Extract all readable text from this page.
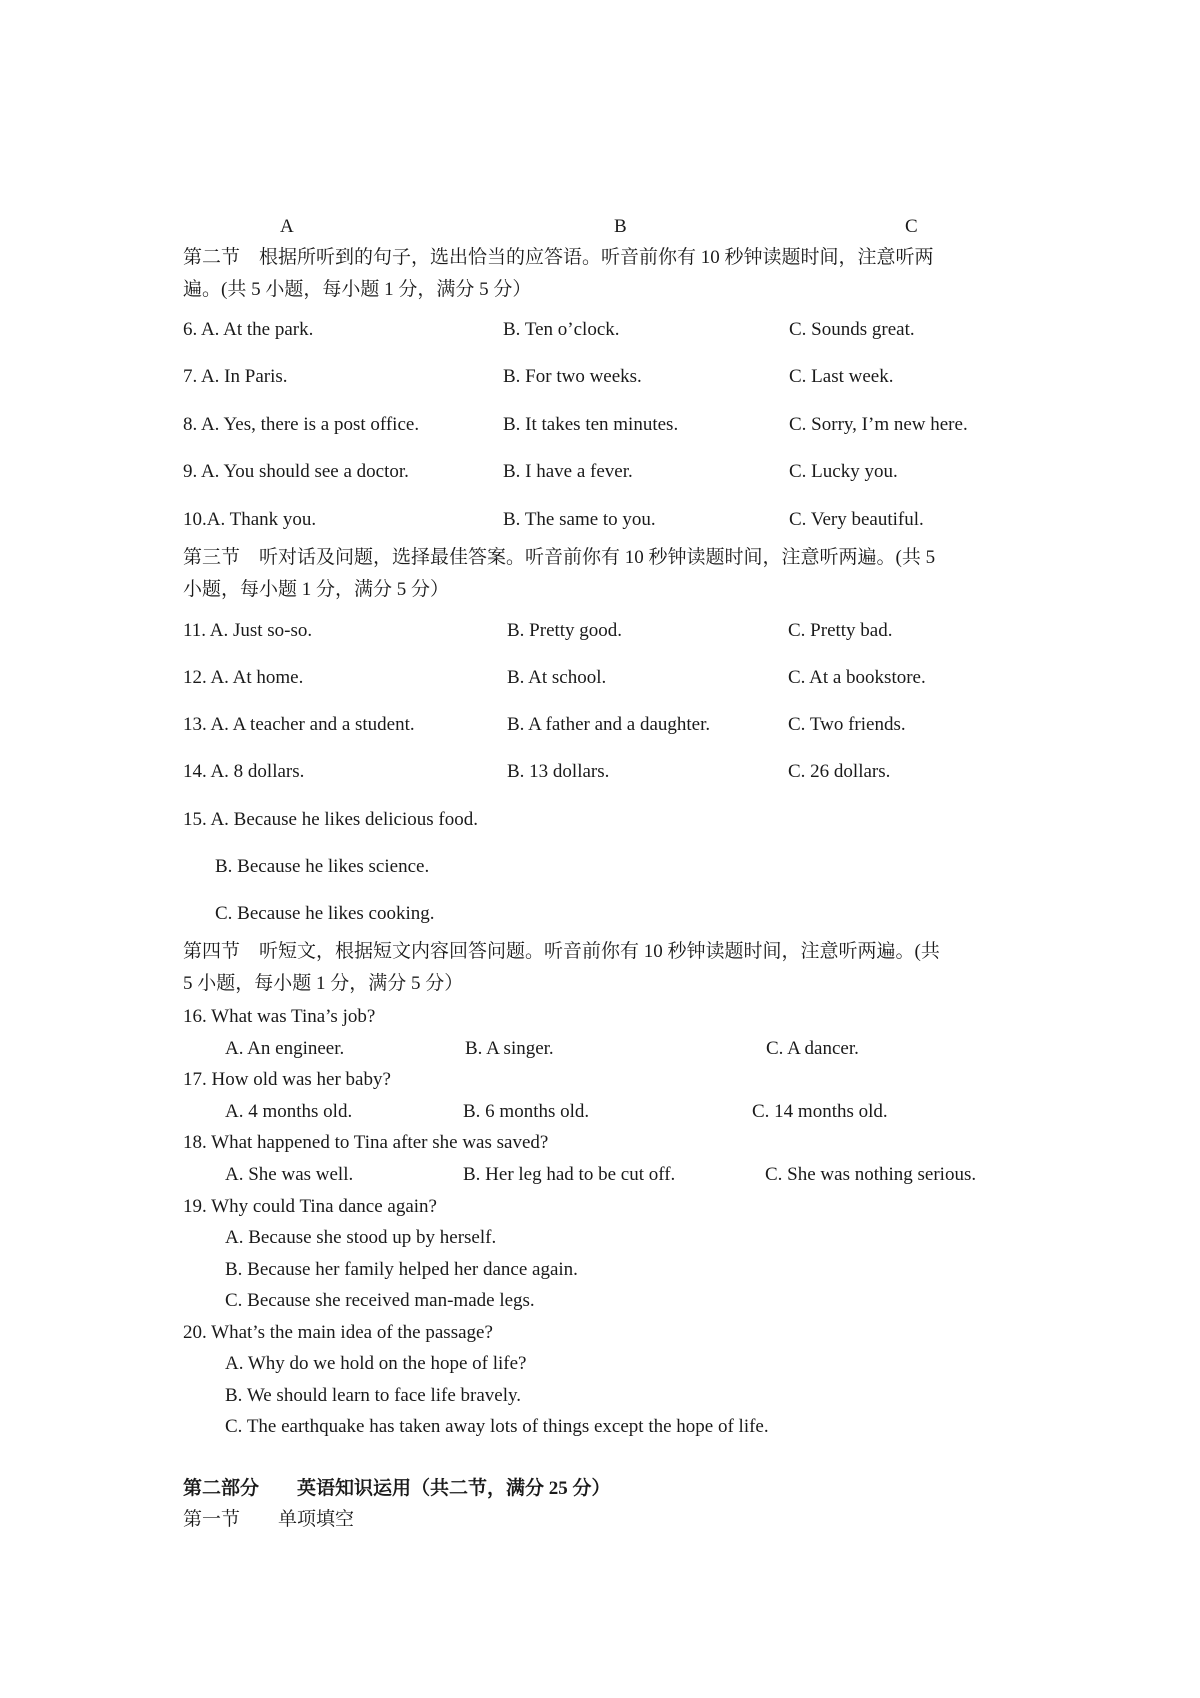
A	B	C
第二节　根据所听到的句子，选出恰当的应答语。听音前你有 10 秒钟读题时间，注意听两
遍。(共 5 小题，每小题 1 分，满分 5 分）
6. A. At the park.	B. Ten o’clock.	C. Sounds great.
7. A. In Paris.	B. For two weeks.	C. Last week.
8. A. Yes, there is a post office.	B. It takes ten minutes.	C. Sorry, I’m new here.
9. A. You should see a doctor.	B. I have a fever.	C. Lucky you.
10.A. Thank you.	B. The same to you.	C. Very beautiful.
第三节　听对话及问题，选择最佳答案。听音前你有 10 秒钟读题时间，注意听两遍。(共 5
小题，每小题 1 分，满分 5 分）
11. A. Just so-so.	B. Pretty good.	C. Pretty bad.
12. A. At home.	B. At school.	C. At a bookstore.
13. A. A teacher and a student.	B. A father and a daughter.	C. Two friends.
14. A. 8 dollars.	B. 13 dollars.	C. 26 dollars.
15. A. Because he likes delicious food.
B. Because he likes science.
C. Because he likes cooking.
第四节　听短文，根据短文内容回答问题。听音前你有 10 秒钟读题时间，注意听两遍。(共
5 小题，每小题 1 分，满分 5 分）
16. What was Tina’s job?
A. An engineer.	B. A singer.	C. A dancer.
17. How old was her baby?
A. 4 months old.	B. 6 months old.	C. 14 months old.
18. What happened to Tina after she was saved?
A. She was well.	B. Her leg had to be cut off.	C. She was nothing serious.
19. Why could Tina dance again?
A. Because she stood up by herself.
B. Because her family helped her dance again.
C. Because she received man-made legs.
20. What’s the main idea of the passage?
A. Why do we hold on the hope of life?
B. We should learn to face life bravely.
C. The earthquake has taken away lots of things except the hope of life.
第二部分　　英语知识运用（共二节，满分 25 分）
第一节　　单项填空
